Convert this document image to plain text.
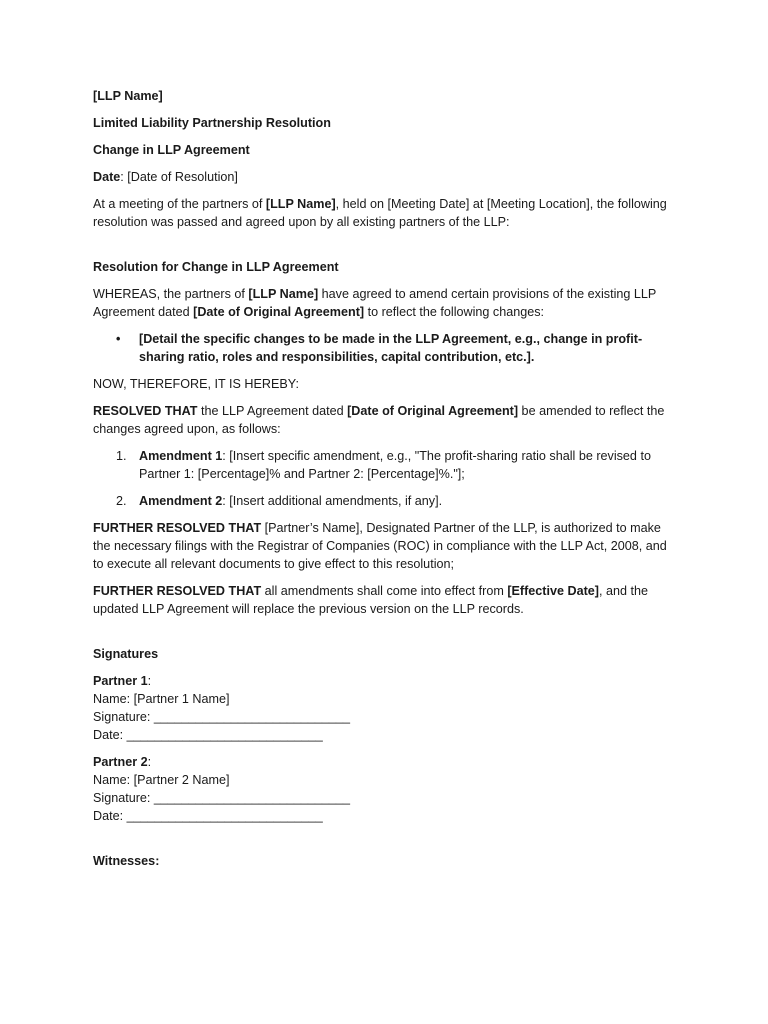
[LLP Name]

Limited Liability Partnership Resolution

Change in LLP Agreement

Date: [Date of Resolution]

At a meeting of the partners of [LLP Name], held on [Meeting Date] at [Meeting Location], the following resolution was passed and agreed upon by all existing partners of the LLP:

Resolution for Change in LLP Agreement

WHEREAS, the partners of [LLP Name] have agreed to amend certain provisions of the existing LLP Agreement dated [Date of Original Agreement] to reflect the following changes:

• [Detail the specific changes to be made in the LLP Agreement, e.g., change in profit-sharing ratio, roles and responsibilities, capital contribution, etc.].

NOW, THEREFORE, IT IS HEREBY:

RESOLVED THAT the LLP Agreement dated [Date of Original Agreement] be amended to reflect the changes agreed upon, as follows:

1. Amendment 1: [Insert specific amendment, e.g., "The profit-sharing ratio shall be revised to Partner 1: [Percentage]% and Partner 2: [Percentage]%."];
2. Amendment 2: [Insert additional amendments, if any].

FURTHER RESOLVED THAT [Partner’s Name], Designated Partner of the LLP, is authorized to make the necessary filings with the Registrar of Companies (ROC) in compliance with the LLP Act, 2008, and to execute all relevant documents to give effect to this resolution;

FURTHER RESOLVED THAT all amendments shall come into effect from [Effective Date], and the updated LLP Agreement will replace the previous version on the LLP records.

Signatures

Partner 1:
Name: [Partner 1 Name]
Signature: ____________________________
Date: ____________________________
Partner 2:
Name: [Partner 2 Name]
Signature: ____________________________
Date: ____________________________

Witnesses:
